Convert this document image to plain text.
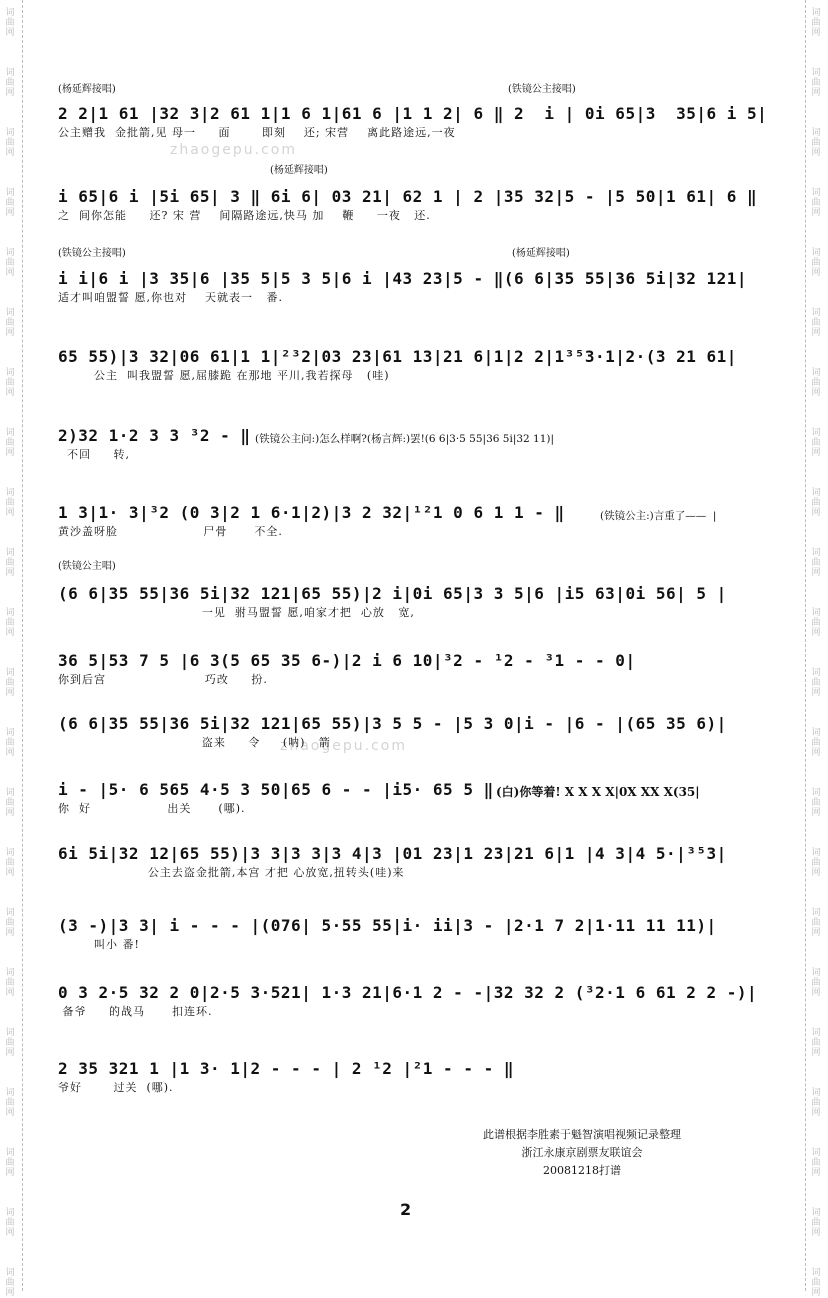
词
曲
网
词
曲
网
词
曲
网
词
曲
网
词
曲
网
词
曲
网
词
曲
网
词
曲
网
词
曲
网
词
曲
网
词
曲
网
词
曲
网
词
曲
网
词
曲
网
词
曲
网
词
曲
网
词
曲
网
词
曲
网
词
曲
网
词
曲
网
词
曲
网
词
曲
网
词
曲
网
词
曲
网
词
曲
网
词
曲
网
词
曲
网
词
曲
网
词
曲
网
词
曲
网
词
曲
网
词
曲
网
词
曲
网
词
曲
网
词
曲
网
词
曲
网
词
曲
网
词
曲
网
词
曲
网
词
曲
网
词
曲
网
词
曲
网
词
曲
网
词
曲
网
zhaogepu.com
zhaogepu.com
(杨延辉接唱)	(铁镜公主接唱)
(杨延辉接唱)
(铁镜公主接唱)	(杨延辉接唱)
(铁镜公主唱)
2 2|1 61 |32 3|2 61 1|1 6 1|61 6 |1 1 2| 6 ‖ 2  i | 0i 65|3  35|6 i 5|
公主赠我  金批箭,见 母一     面       即刻    还; 宋营    离此路途远,一夜
i 65|6 i |5i 65| 3 ‖ 6i 6| 03 21| 62 1 | 2 |35 32|5 - |5 50|1 61| 6 ‖
之  间你怎能     还? 宋 营    间隔路途远,快马 加    鞭     一夜   还.
i i|6 i |3 35|6 |35 5|5 3 5|6 i |43 23|5 - ‖(6 6|35 55|36 5i|32 121|
适才叫咱盟誓 愿,你也对    天就表一   番.
65 55)|3 32|06 61|1 1|²³2|03 23|61 13|21 6|1|2 2|1³⁵3·1|2·(3 21 61|
公主  叫我盟誓 愿,屈膝跪 在那地 平川,我若探母   (哇)
2)32 1·2 3 3 ³2 - ‖
不回     转,
(铁镜公主问:)怎么样啊?(杨言辉:)罢!(6 6|3·5 55|36 5i|32 11)|
1 3|1· 3|³2 (0 3|2 1 6·1|2)|3 2 32|¹²1 0 6 1 1 - ‖
黄沙盖呀脸                   尸骨      不全.
(铁镜公主:)言重了——  |
(6 6|35 55|36 5i|32 121|65 55)|2 i|0i 65|3 3 5|6 |i5 63|0i 56| 5 |
一见  驸马盟誓 愿,咱家才把  心放   宽,
36 5|53 7 5 |6 3(5 65 35 6-)|2 i 6 10|³2 - ¹2 - ³1 - - 0|
你到后宫                      巧改     扮.
(6 6|35 55|36 5i|32 121|65 55)|3 5 5 - |5 3 0|i - |6 - |(65 35 6)|
盗来     令     (呐)   箭
i - |5· 6 565 4·5 3 50|65 6 - - |i5· 65 5 ‖
你  好                 出关      (哪).
(白)你等着! X X X X|0X XX X(35|
6i 5i|32 12|65 55)|3 3|3 3|3 4|3 |01 23|1 23|21 6|1 |4 3|4 5·|³⁵3|
公主去盗金批箭,本宫 才把 心放宽,扭转头(哇)来
(3 -)|3 3| i - - - |(076| 5·55 55|i· ii|3 - |2·1 7 2|1·11 11 11)|
叫小 番!
0 3 2·5 32 2 0|2·5 3·521| 1·3 21|6·1 2 - -|32 32 2 (³2·1 6 61 2 2 -)|
备爷     的战马      扣连环.
2 35 321 1 |1 3· 1|2 - - - | 2 ¹2 |²1 - - - ‖
爷好       过关  (哪).
此谱根据李胜素于魁智演唱视频记录整理
浙江永康京剧票友联谊会
20081218打谱
2
